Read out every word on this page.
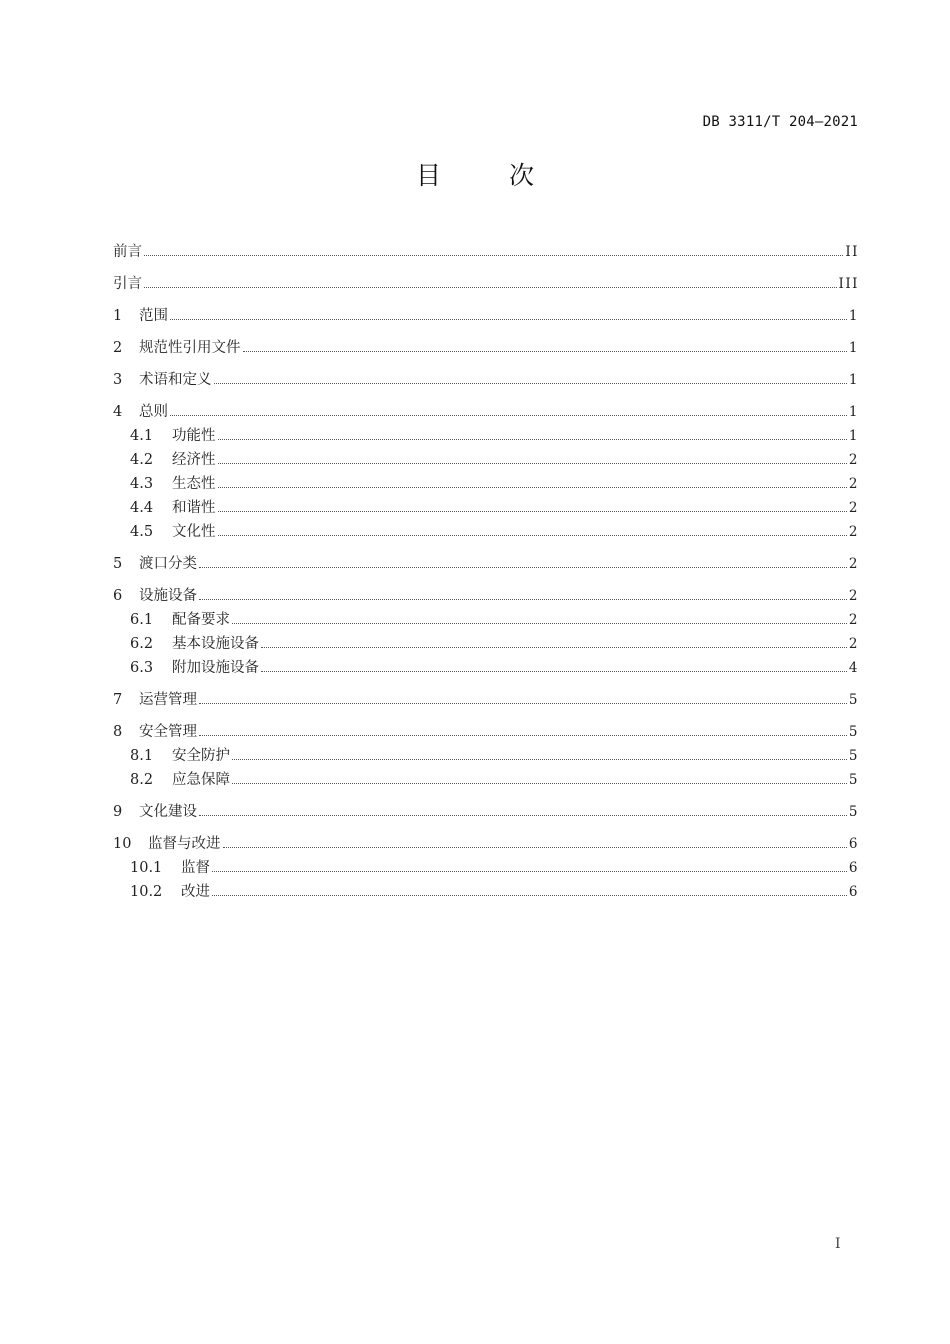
DB 3311/T 204—2021
目	次
前言	II
引言	III
1	范围	1
2	规范性引用文件	1
3	术语和定义	1
4	总则	1
4.1	功能性	1
4.2	经济性	2
4.3	生态性	2
4.4	和谐性	2
4.5	文化性	2
5	渡口分类	2
6	设施设备	2
6.1	配备要求	2
6.2	基本设施设备	2
6.3	附加设施设备	4
7	运营管理	5
8	安全管理	5
8.1	安全防护	5
8.2	应急保障	5
9	文化建设	5
10	监督与改进	6
10.1	监督	6
10.2	改进	6
I
